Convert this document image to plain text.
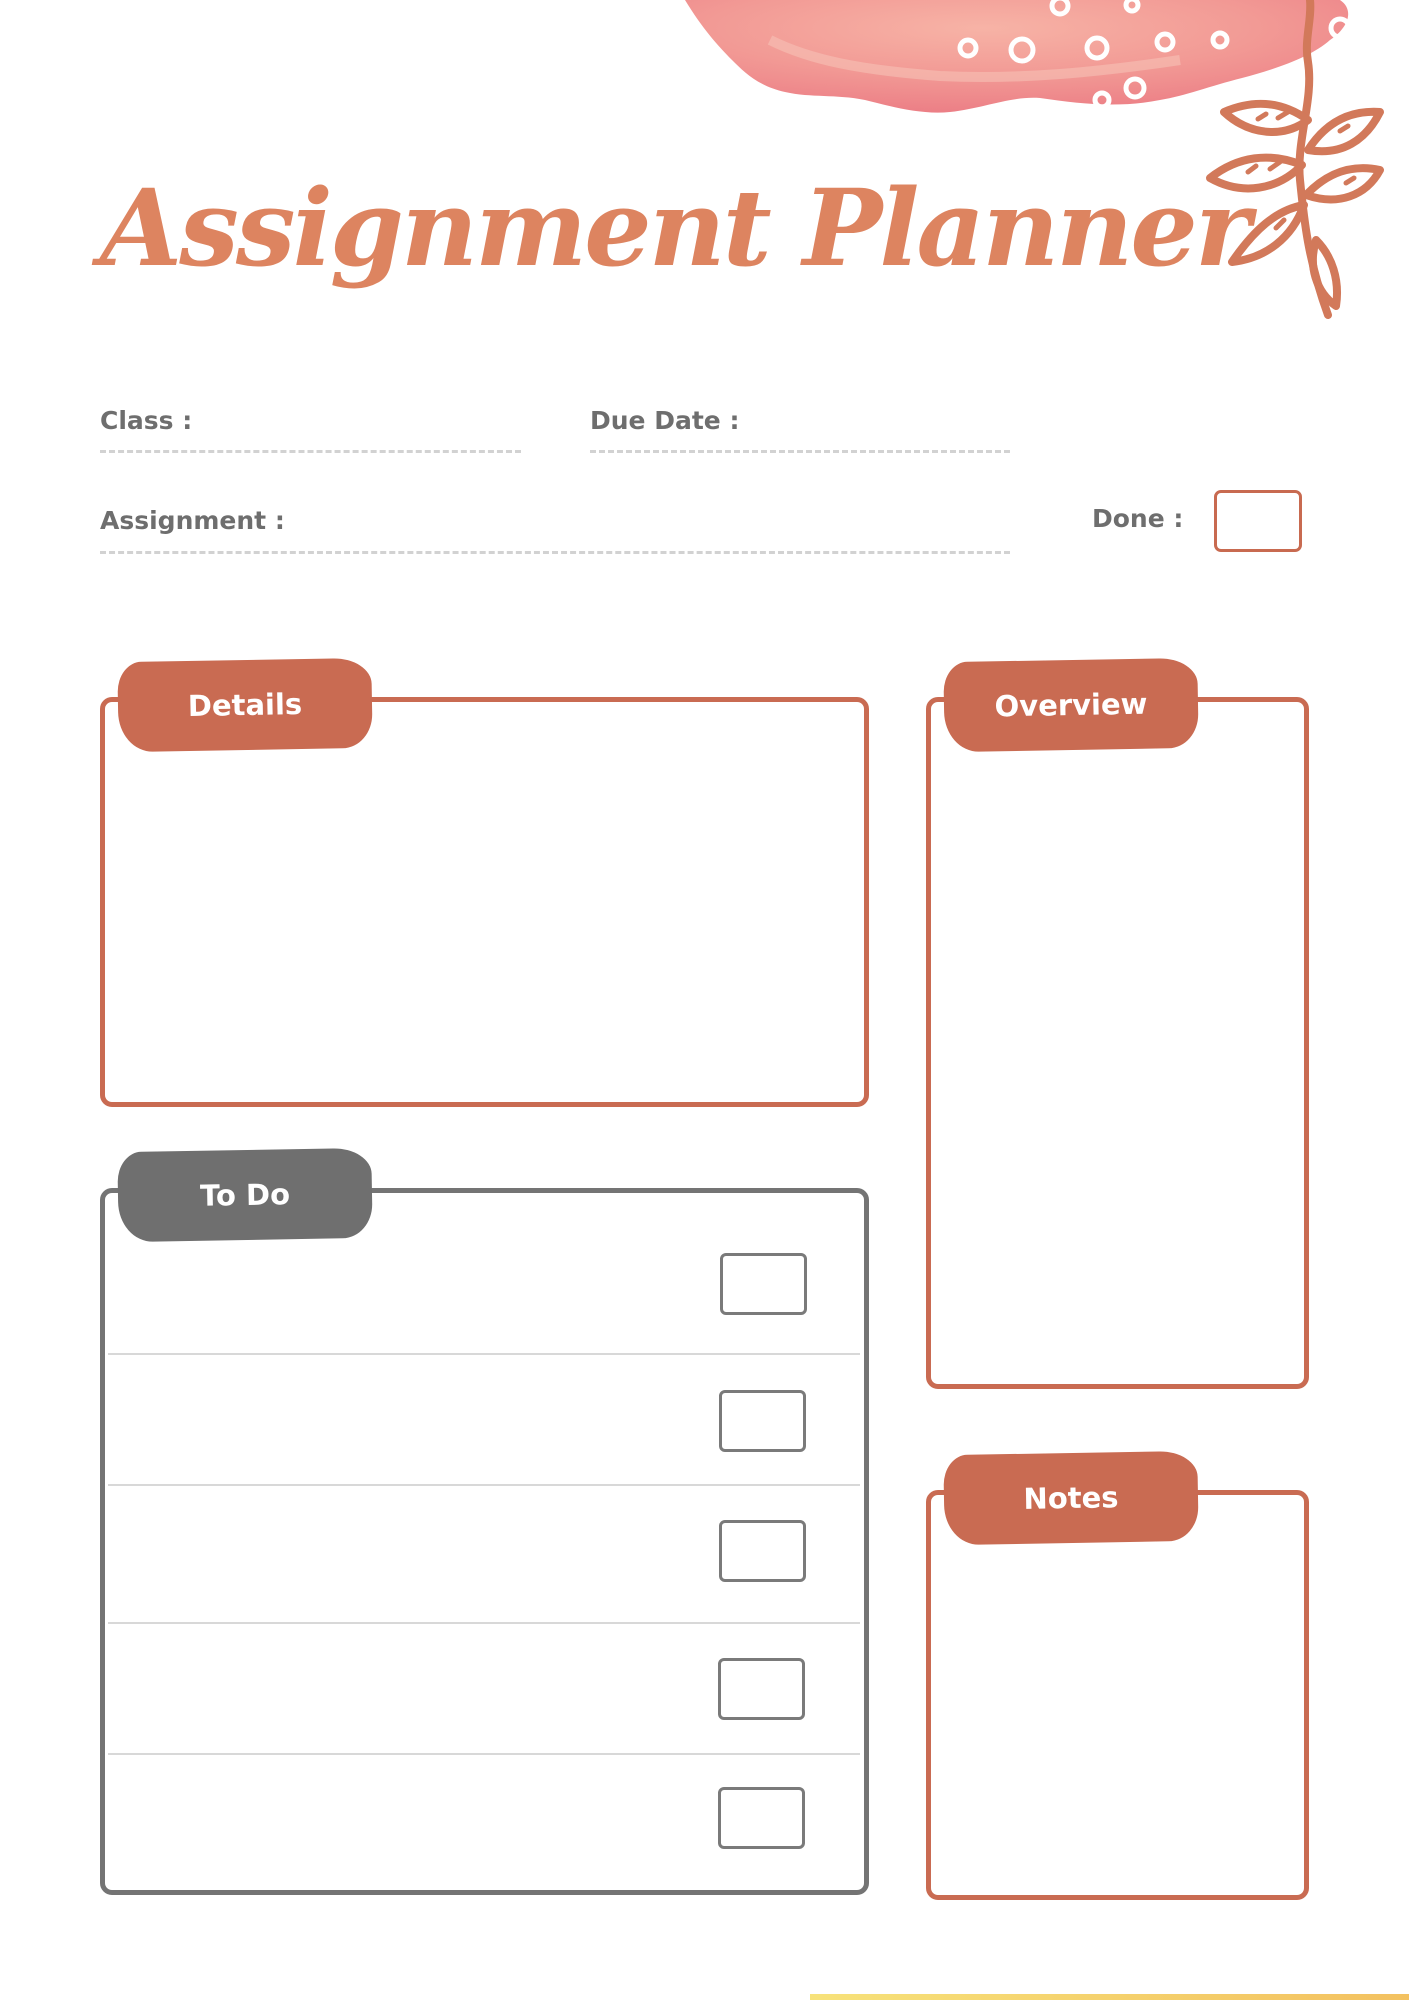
Assignment Planner
Class :	Due Date :
Assignment :	Done :
Details	Overview
To Do
Notes
